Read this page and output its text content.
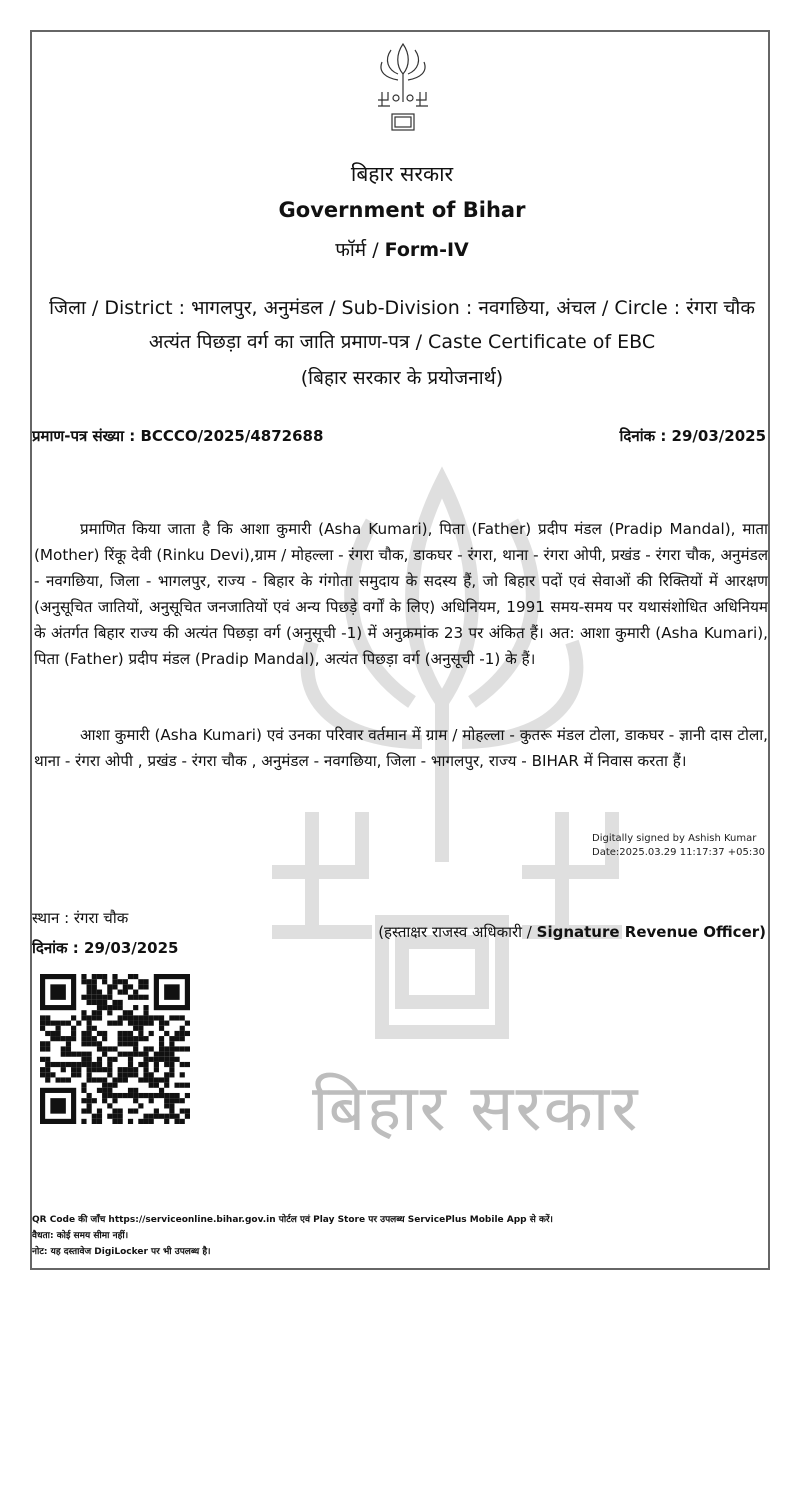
बिहार सरकार
बिहार सरकार
Government of Bihar
फॉर्म / Form-IV
जिला / District : भागलपुर, अनुमंडल / Sub-Division : नवगछिया, अंचल / Circle : रंगरा चौक
अत्यंत पिछड़ा वर्ग का जाति प्रमाण-पत्र / Caste Certificate of EBC
(बिहार सरकार के प्रयोजनार्थ)
प्रमाण-पत्र संख्या : BCCCO/2025/4872688	दिनांक : 29/03/2025
प्रमाणित किया जाता है कि आशा कुमारी (Asha Kumari), पिता (Father) प्रदीप मंडल (Pradip Mandal), माता (Mother) रिंकू देवी (Rinku Devi),ग्राम / मोहल्ला - रंगरा चौक, डाकघर - रंगरा, थाना - रंगरा ओपी, प्रखंड - रंगरा चौक, अनुमंडल - नवगछिया, जिला - भागलपुर, राज्य - बिहार के गंगोता समुदाय के सदस्य हैं, जो बिहार पदों एवं सेवाओं की रिक्तियों में आरक्षण (अनुसूचित जातियों, अनुसूचित जनजातियों एवं अन्य पिछड़े वर्गों के लिए) अधिनियम, 1991 समय-समय पर यथासंशोधित अधिनियम के अंतर्गत बिहार राज्य की अत्यंत पिछड़ा वर्ग (अनुसूची -1) में अनुक्रमांक 23 पर अंकित हैं। अत: आशा कुमारी (Asha Kumari), पिता (Father) प्रदीप मंडल (Pradip Mandal), अत्यंत पिछड़ा वर्ग (अनुसूची -1) के हैं।
आशा कुमारी (Asha Kumari) एवं उनका परिवार वर्तमान में ग्राम / मोहल्ला - कुतरू मंडल टोला, डाकघर - ज्ञानी दास टोला, थाना - रंगरा ओपी , प्रखंड - रंगरा चौक , अनुमंडल - नवगछिया, जिला - भागलपुर, राज्य - BIHAR में निवास करता हैं।
Digitally signed by Ashish Kumar
Date:2025.03.29 11:17:37 +05:30
स्थान : रंगरा चौक
दिनांक : 29/03/2025
(हस्ताक्षर राजस्व अधिकारी / Signature Revenue Officer)
QR Code की जाँच https://serviceonline.bihar.gov.in पोर्टल एवं Play Store पर उपलब्ध ServicePlus Mobile App से करें।
वैधता: कोई समय सीमा नहीं।
नोट: यह दस्तावेज DigiLocker पर भी उपलब्ध है।
